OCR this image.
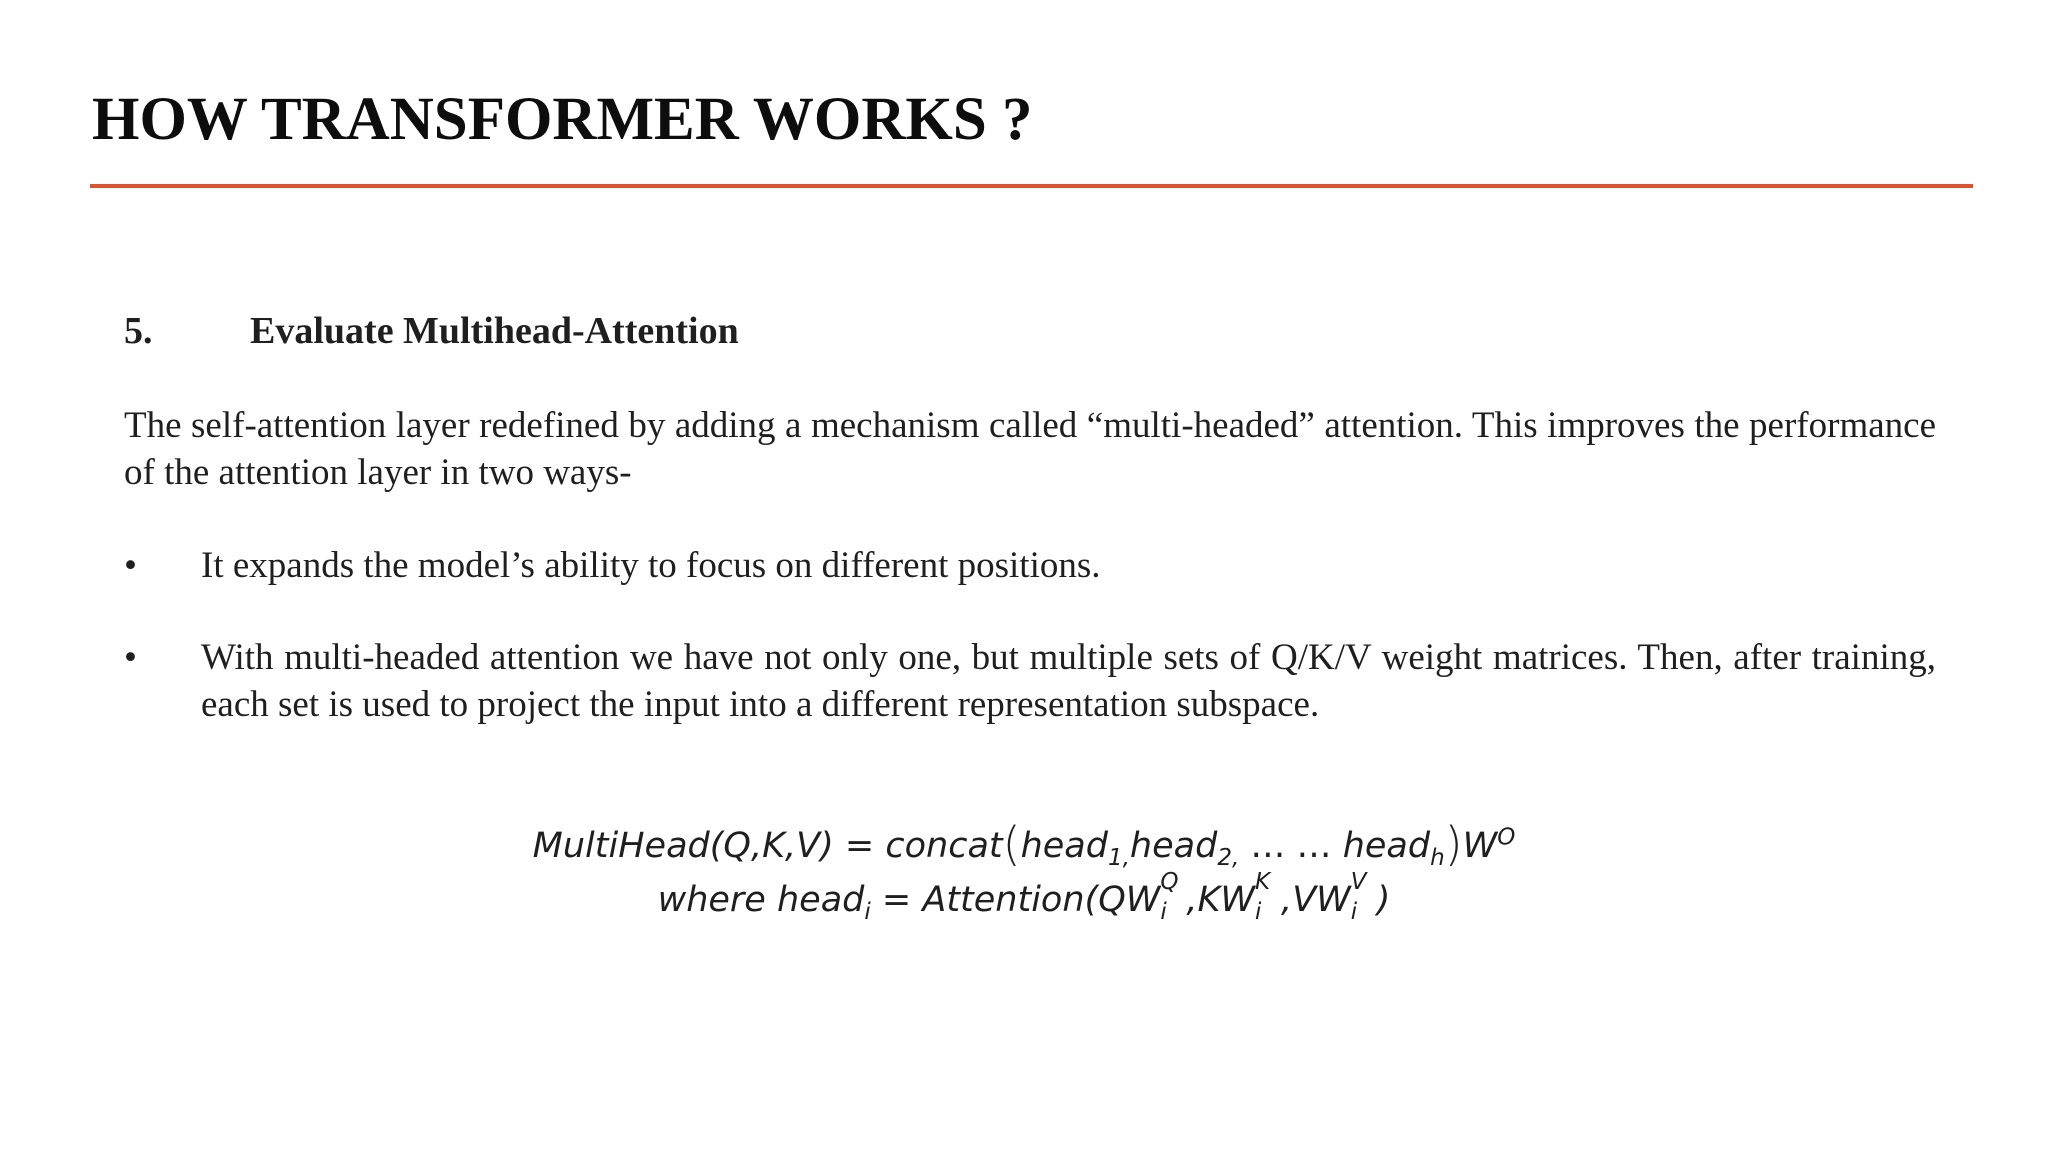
HOW TRANSFORMER WORKS ?
5.	Evaluate Multihead-Attention

The self-attention layer redefined by adding a mechanism called “multi-headed” attention. This improves the performance of the attention layer in two ways-

•	It expands the model’s ability to focus on different positions.
•	With multi-headed attention we have not only one, but multiple sets of Q/K/V weight matrices. Then, after training, each set is used to project the input into a different representation subspace.
MultiHead(Q,K,V) = concat(head$_{1,}$head$_{2,}$ … … $head_h)W^O$
where head$_i$ = Attention(QW Q
i ,KW K
i ,VW V
i )
